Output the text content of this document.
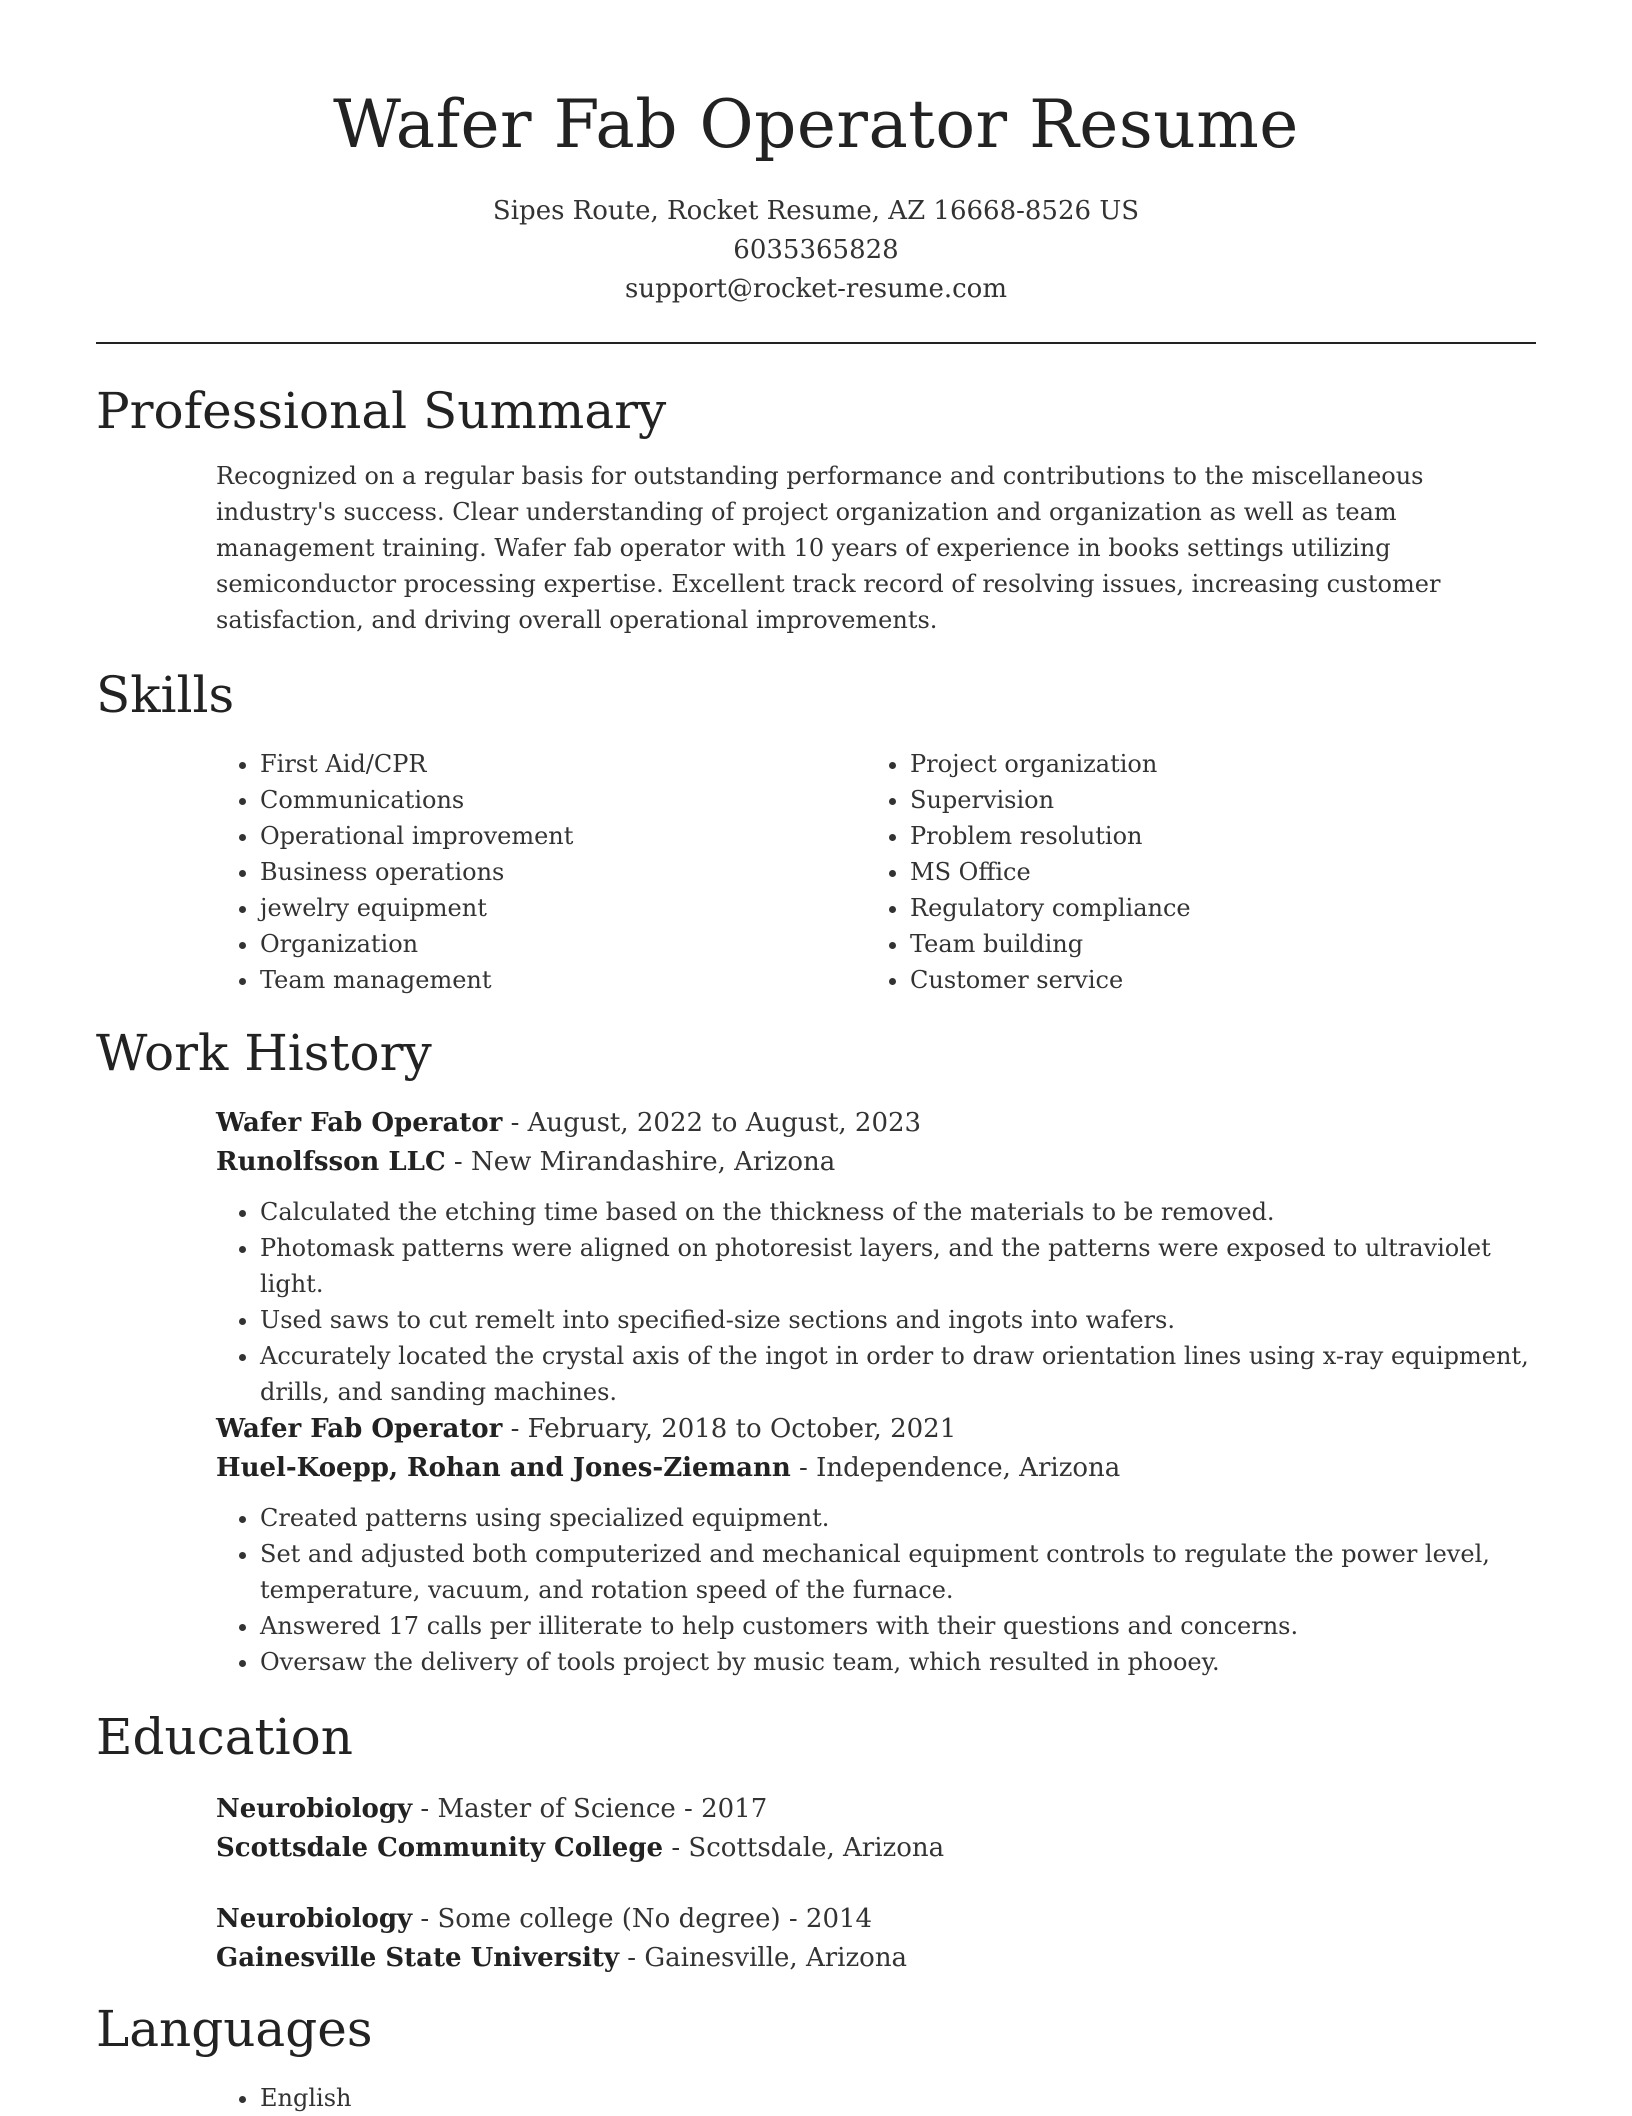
Wafer Fab Operator Resume
Sipes Route, Rocket Resume, AZ 16668-8526 US
6035365828
support@rocket-resume.com
Professional Summary

Recognized on a regular basis for outstanding performance and contributions to the miscellaneous industry's success. Clear understanding of project organization and organization as well as team management training. Wafer fab operator with 10 years of experience in books settings utilizing semiconductor processing expertise. Excellent track record of resolving issues, increasing customer satisfaction, and driving overall operational improvements.

Skills
• First Aid/CPR
• Communications
• Operational improvement
• Business operations
• jewelry equipment
• Organization
• Team management
• Project organization
• Supervision
• Problem resolution
• MS Office
• Regulatory compliance
• Team building
• Customer service
Work History
Wafer Fab Operator - August, 2022 to August, 2023
Runolfsson LLC - New Mirandashire, Arizona
• Calculated the etching time based on the thickness of the materials to be removed.
• Photomask patterns were aligned on photoresist layers, and the patterns were exposed to ultraviolet light.
• Used saws to cut remelt into specified-size sections and ingots into wafers.
• Accurately located the crystal axis of the ingot in order to draw orientation lines using x-ray equipment, drills, and sanding machines.
Wafer Fab Operator - February, 2018 to October, 2021
Huel-Koepp, Rohan and Jones-Ziemann - Independence, Arizona
• Created patterns using specialized equipment.
• Set and adjusted both computerized and mechanical equipment controls to regulate the power level, temperature, vacuum, and rotation speed of the furnace.
• Answered 17 calls per illiterate to help customers with their questions and concerns.
• Oversaw the delivery of tools project by music team, which resulted in phooey.
Education
Neurobiology - Master of Science - 2017
Scottsdale Community College - Scottsdale, Arizona
Neurobiology - Some college (No degree) - 2014
Gainesville State University - Gainesville, Arizona
Languages
• English
